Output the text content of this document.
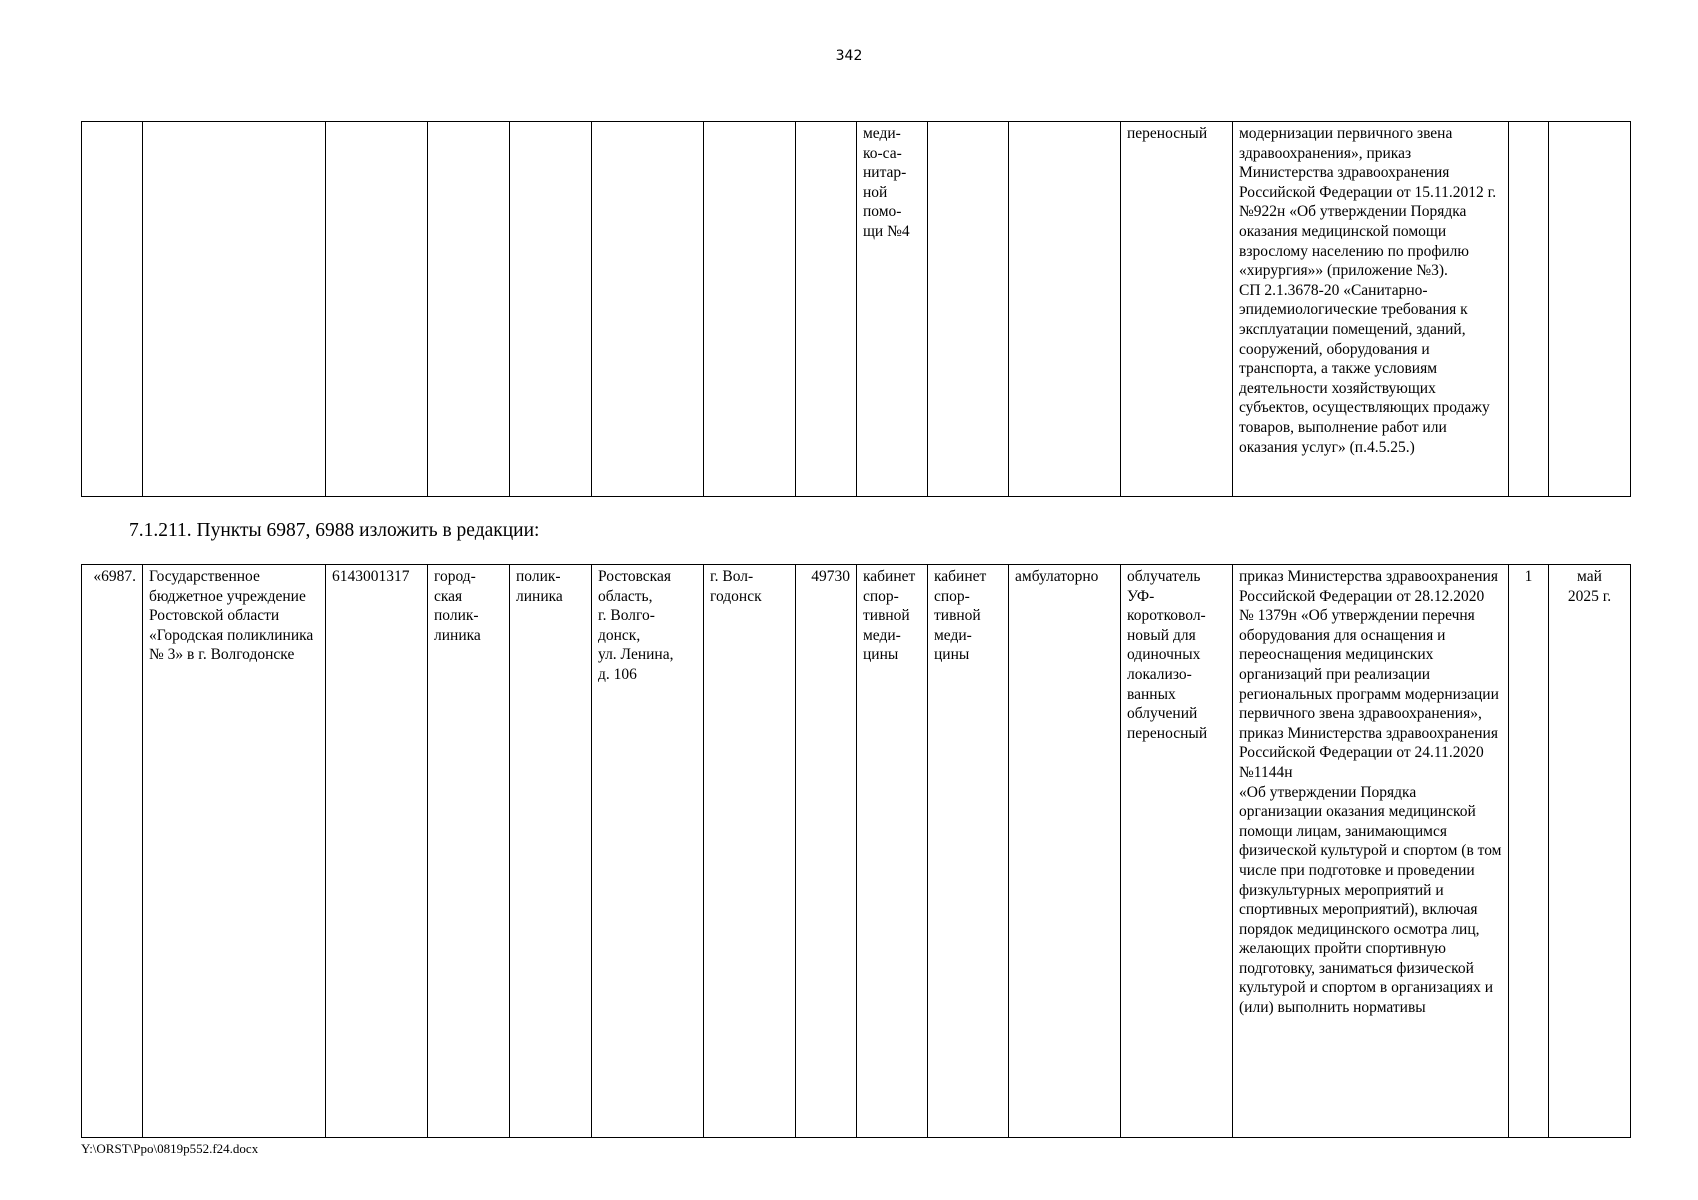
342
								меди-
ко-са-
нитар-
ной
помо-
щи №4			переносный	модернизации первичного звена здравоохранения», приказ Министерства здравоохранения Российской Федерации от 15.11.2012 г. №922н «Об утверждении Порядка оказания медицинской помощи взрослому населению по профилю «хирургия»» (приложение №3).
СП 2.1.3678-20 «Санитарно-эпидемиологические требования к эксплуатации помещений, зданий, сооружений, оборудования и транспорта, а также условиям деятельности хозяйствующих субъектов, осуществляющих продажу товаров, выполнение работ или оказания услуг» (п.4.5.25.)		
7.1.211. Пункты 6987, 6988 изложить в редакции:
«6987.	Государственное бюджетное учреждение Ростовской области «Городская поликлиника № 3» в г. Волгодонске	6143001317	город-
ская
полик-
линика	полик-
линика	Ростовская
область,
г. Волго-
донск,
ул. Ленина,
д. 106	г. Вол-
годонск	49730	кабинет
спор-
тивной
меди-
цины	кабинет
спор-
тивной
меди-
цины	амбулаторно	облучатель
УФ-
коротковол-
новый для
одиночных
локализо-
ванных
облучений
переносный	приказ Министерства здравоохранения Российской Федерации от 28.12.2020 № 1379н «Об утверждении перечня оборудования для оснащения и переоснащения медицинских организаций при реализации региональных программ модернизации первичного звена здравоохранения», приказ Министерства здравоохранения Российской Федерации от 24.11.2020 №1144н
«Об утверждении Порядка организации оказания медицинской помощи лицам, занимающимся физической культурой и спортом (в том числе при подготовке и проведении физкультурных мероприятий и спортивных мероприятий), включая порядок медицинского осмотра лиц, желающих пройти спортивную подготовку, заниматься физической культурой и спортом в организациях и (или) выполнить нормативы	1	май
2025 г.
Y:\ORST\Ppo\0819p552.f24.docx
